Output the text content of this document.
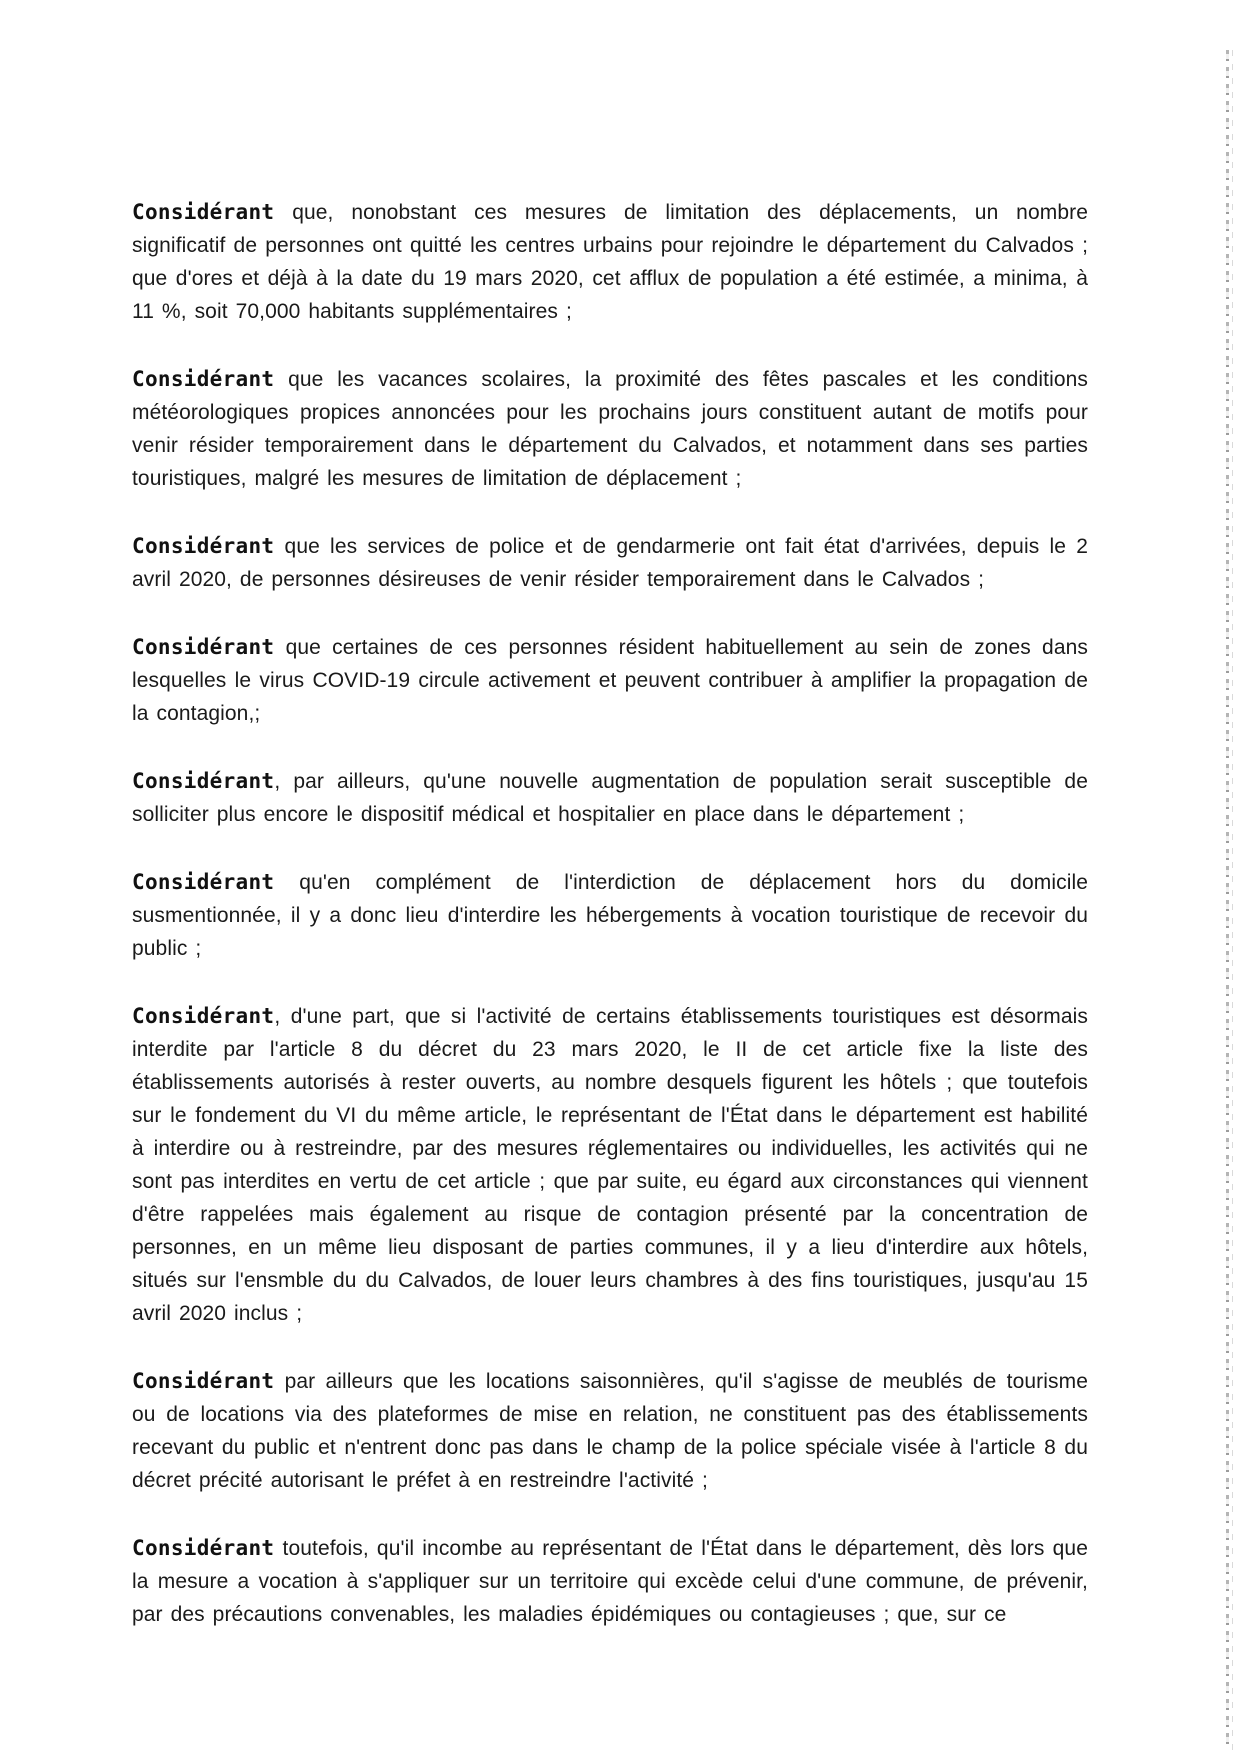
Considérant que, nonobstant ces mesures de limitation des déplacements, un nombre significatif de personnes ont quitté les centres urbains pour rejoindre le département du Calvados ; que d'ores et déjà à la date du 19 mars 2020, cet afflux de population a été estimée, a minima, à 11 %, soit 70,000 habitants supplémentaires ;

Considérant que les vacances scolaires, la proximité des fêtes pascales et les conditions météorologiques propices annoncées pour les prochains jours constituent autant de motifs pour venir résider temporairement dans le département du Calvados, et notamment dans ses parties touristiques, malgré les mesures de limitation de déplacement ;

Considérant que les services de police et de gendarmerie ont fait état d'arrivées, depuis le 2 avril 2020, de personnes désireuses de venir résider temporairement dans le Calvados ;

Considérant que certaines de ces personnes résident habituellement au sein de zones dans lesquelles le virus COVID-19 circule activement et peuvent contribuer à amplifier la propagation de la contagion,;

Considérant, par ailleurs, qu'une nouvelle augmentation de population serait susceptible de solliciter plus encore le dispositif médical et hospitalier en place dans le département ;

Considérant qu'en complément de l'interdiction de déplacement hors du domicile susmentionnée, il y a donc lieu d'interdire les hébergements à vocation touristique de recevoir du public ;

Considérant, d'une part, que si l'activité de certains établissements touristiques est désormais interdite par l'article 8 du décret du 23 mars 2020, le II de cet article fixe la liste des établissements autorisés à rester ouverts, au nombre desquels figurent les hôtels ; que toutefois sur le fondement du VI du même article, le représentant de l'État dans le département est habilité à interdire ou à restreindre, par des mesures réglementaires ou individuelles, les activités qui ne sont pas interdites en vertu de cet article ; que par suite, eu égard aux circonstances qui viennent d'être rappelées mais également au risque de contagion présenté par la concentration de personnes, en un même lieu disposant de parties communes, il y a lieu d'interdire aux hôtels, situés sur l'ensmble du du Calvados, de louer leurs chambres à des fins touristiques, jusqu'au 15 avril 2020 inclus ;

Considérant par ailleurs que les locations saisonnières, qu'il s'agisse de meublés de tourisme ou de locations via des plateformes de mise en relation, ne constituent pas des établissements recevant du public et n'entrent donc pas dans le champ de la police spéciale visée à l'article 8 du décret précité autorisant le préfet à en restreindre l'activité ;

Considérant toutefois, qu'il incombe au représentant de l'État dans le département, dès lors que la mesure a vocation à s'appliquer sur un territoire qui excède celui d'une commune, de prévenir, par des précautions convenables, les maladies épidémiques ou contagieuses ; que, sur ce
